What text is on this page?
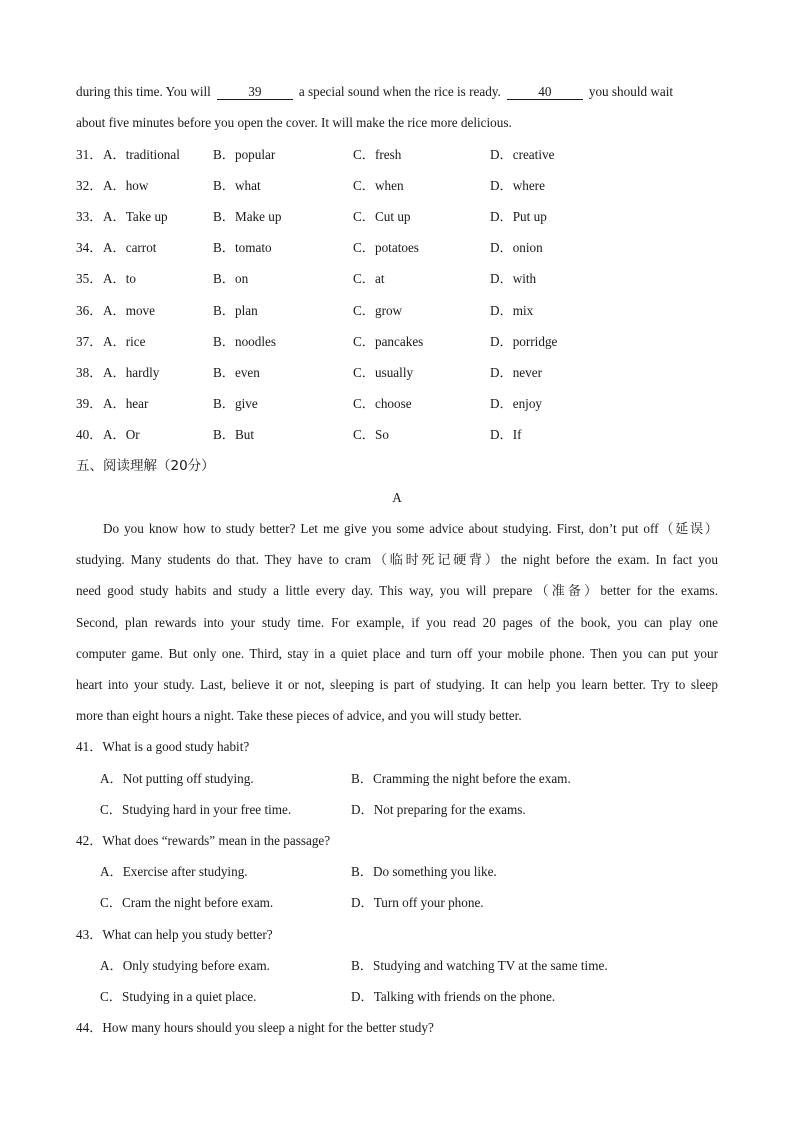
during this time. You will	39	a special sound when the rice is ready.	40	you should wait
about five minutes before you open the cover. It will make the rice more delicious.
31． A．traditional	B．popular	C．fresh	D．creative
32． A．how	B．what	C．when	D．where
33． A．Take up	B．Make up	C．Cut up	D．Put up
34． A．carrot	B．tomato	C．potatoes	D．onion
35． A．to	B．on	C．at	D．with
36． A．move	B．plan	C．grow	D．mix
37． A．rice	B．noodles	C．pancakes	D．porridge
38． A．hardly	B．even	C．usually	D．never
39． A．hear	B．give	C．choose	D．enjoy
40． A．Or	B．But	C．So	D．If
五、阅读理解（20分）
A
Do you know how to study better? Let me give you some advice about studying. First, don’t put off（延误）
studying. Many students do that. They have to cram（临时死记硬背）the night before the exam. In fact you
need good study habits and study a little every day. This way, you will prepare（准备）better for the exams.
Second, plan rewards into your study time. For example, if you read 20 pages of the book, you can play one
computer game. But only one. Third, stay in a quiet place and turn off your mobile phone. Then you can put your
heart into your study. Last, believe it or not, sleeping is part of studying. It can help you learn better. Try to sleep
more than eight hours a night. Take these pieces of advice, and you will study better.
41．What is a good study habit?
A．Not putting off studying.	B．Cramming the night before the exam.
C．Studying hard in your free time.	D．Not preparing for the exams.
42．What does “rewards” mean in the passage?
A．Exercise after studying.	B．Do something you like.
C．Cram the night before exam.	D．Turn off your phone.
43．What can help you study better?
A．Only studying before exam.	B．Studying and watching TV at the same time.
C．Studying in a quiet place.	D．Talking with friends on the phone.
44．How many hours should you sleep a night for the better study?
